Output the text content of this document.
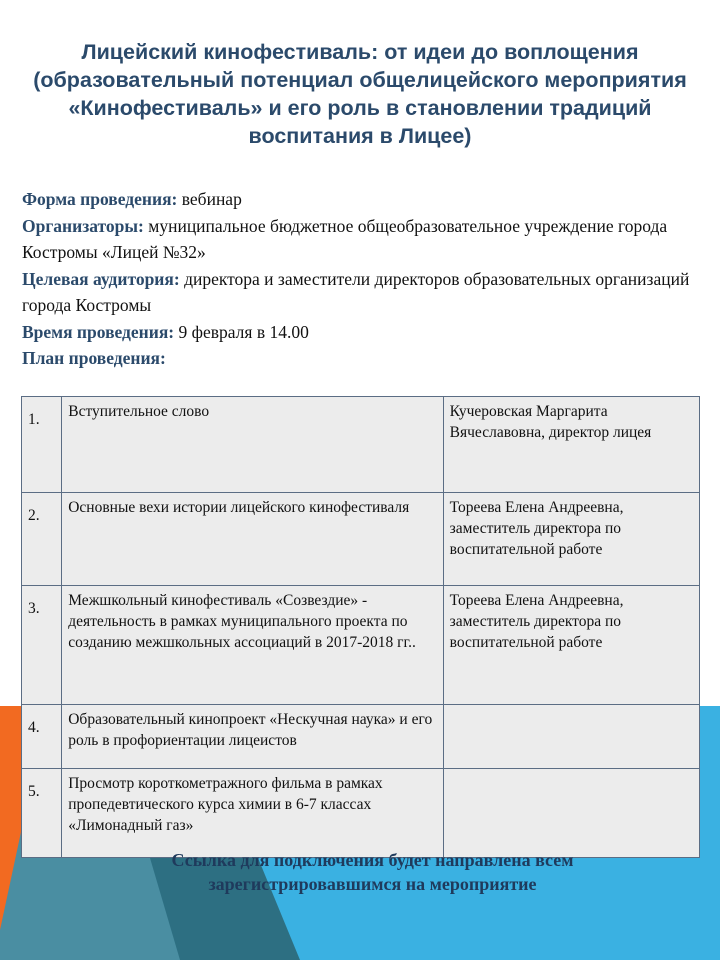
Лицейский кинофестиваль: от идеи до воплощения (образовательный потенциал общелицейского мероприятия «Кинофестиваль» и его роль в становлении традиций воспитания в Лицее)

Форма проведения: вебинар

Организаторы: муниципальное бюджетное общеобразовательное учреждение города Костромы «Лицей №32»

Целевая аудитория: директора и заместители директоров образовательных организаций города Костромы

Время проведения: 9 февраля в 14.00

План проведения:

1.	Вступительное слово	Кучеровская Маргарита Вячеславовна, директор лицея
2.	Основные вехи истории лицейского кинофестиваля	Тореева Елена Андреевна, заместитель директора по воспитательной работе
3.	Межшкольный кинофестиваль «Созвездие» - деятельность в рамках муниципального проекта по созданию межшкольных ассоциаций в 2017-2018 гг..	Тореева Елена Андреевна, заместитель директора по воспитательной работе
4.	Образовательный кинопроект «Нескучная наука» и его роль в профориентации лицеистов	
5.	Просмотр короткометражного фильма в рамках пропедевтического курса химии в 6-7 классах «Лимонадный газ»	

Ссылка для подключения будет направлена всем зарегистрировавшимся на мероприятие
